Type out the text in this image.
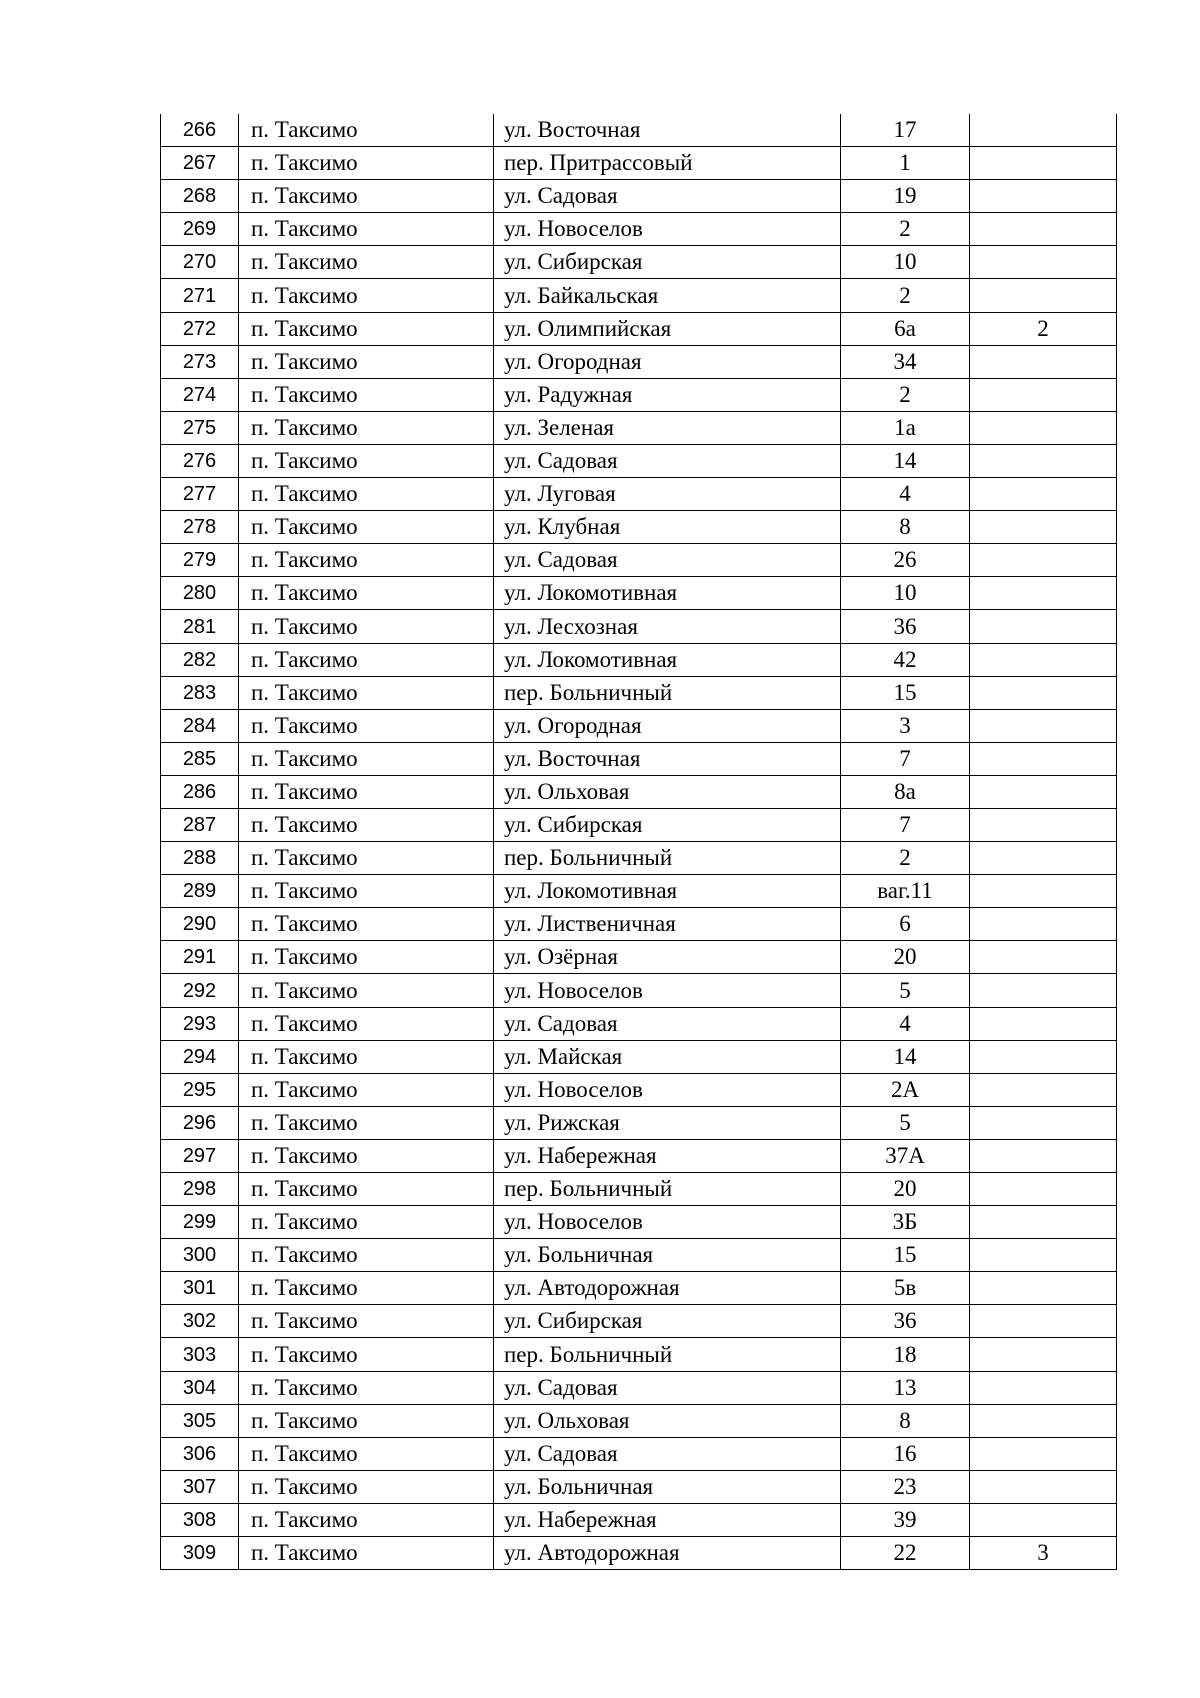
266	п. Таксимо	ул. Восточная	17	
267	п. Таксимо	пер. Притрассовый	1	
268	п. Таксимо	ул. Садовая	19	
269	п. Таксимо	ул. Новоселов	2	
270	п. Таксимо	ул. Сибирская	10	
271	п. Таксимо	ул. Байкальская	2	
272	п. Таксимо	ул. Олимпийская	6а	2
273	п. Таксимо	ул. Огородная	34	
274	п. Таксимо	ул. Радужная	2	
275	п. Таксимо	ул. Зеленая	1а	
276	п. Таксимо	ул. Садовая	14	
277	п. Таксимо	ул. Луговая	4	
278	п. Таксимо	ул. Клубная	8	
279	п. Таксимо	ул. Садовая	26	
280	п. Таксимо	ул. Локомотивная	10	
281	п. Таксимо	ул. Лесхозная	36	
282	п. Таксимо	ул. Локомотивная	42	
283	п. Таксимо	пер. Больничный	15	
284	п. Таксимо	ул. Огородная	3	
285	п. Таксимо	ул. Восточная	7	
286	п. Таксимо	ул. Ольховая	8а	
287	п. Таксимо	ул. Сибирская	7	
288	п. Таксимо	пер. Больничный	2	
289	п. Таксимо	ул. Локомотивная	ваг.11	
290	п. Таксимо	ул. Лиственичная	6	
291	п. Таксимо	ул. Озёрная	20	
292	п. Таксимо	ул. Новоселов	5	
293	п. Таксимо	ул. Садовая	4	
294	п. Таксимо	ул. Майская	14	
295	п. Таксимо	ул. Новоселов	2А	
296	п. Таксимо	ул. Рижская	5	
297	п. Таксимо	ул. Набережная	37А	
298	п. Таксимо	пер. Больничный	20	
299	п. Таксимо	ул. Новоселов	3Б	
300	п. Таксимо	ул. Больничная	15	
301	п. Таксимо	ул. Автодорожная	5в	
302	п. Таксимо	ул. Сибирская	36	
303	п. Таксимо	пер. Больничный	18	
304	п. Таксимо	ул. Садовая	13	
305	п. Таксимо	ул. Ольховая	8	
306	п. Таксимо	ул. Садовая	16	
307	п. Таксимо	ул. Больничная	23	
308	п. Таксимо	ул. Набережная	39	
309	п. Таксимо	ул. Автодорожная	22	3
